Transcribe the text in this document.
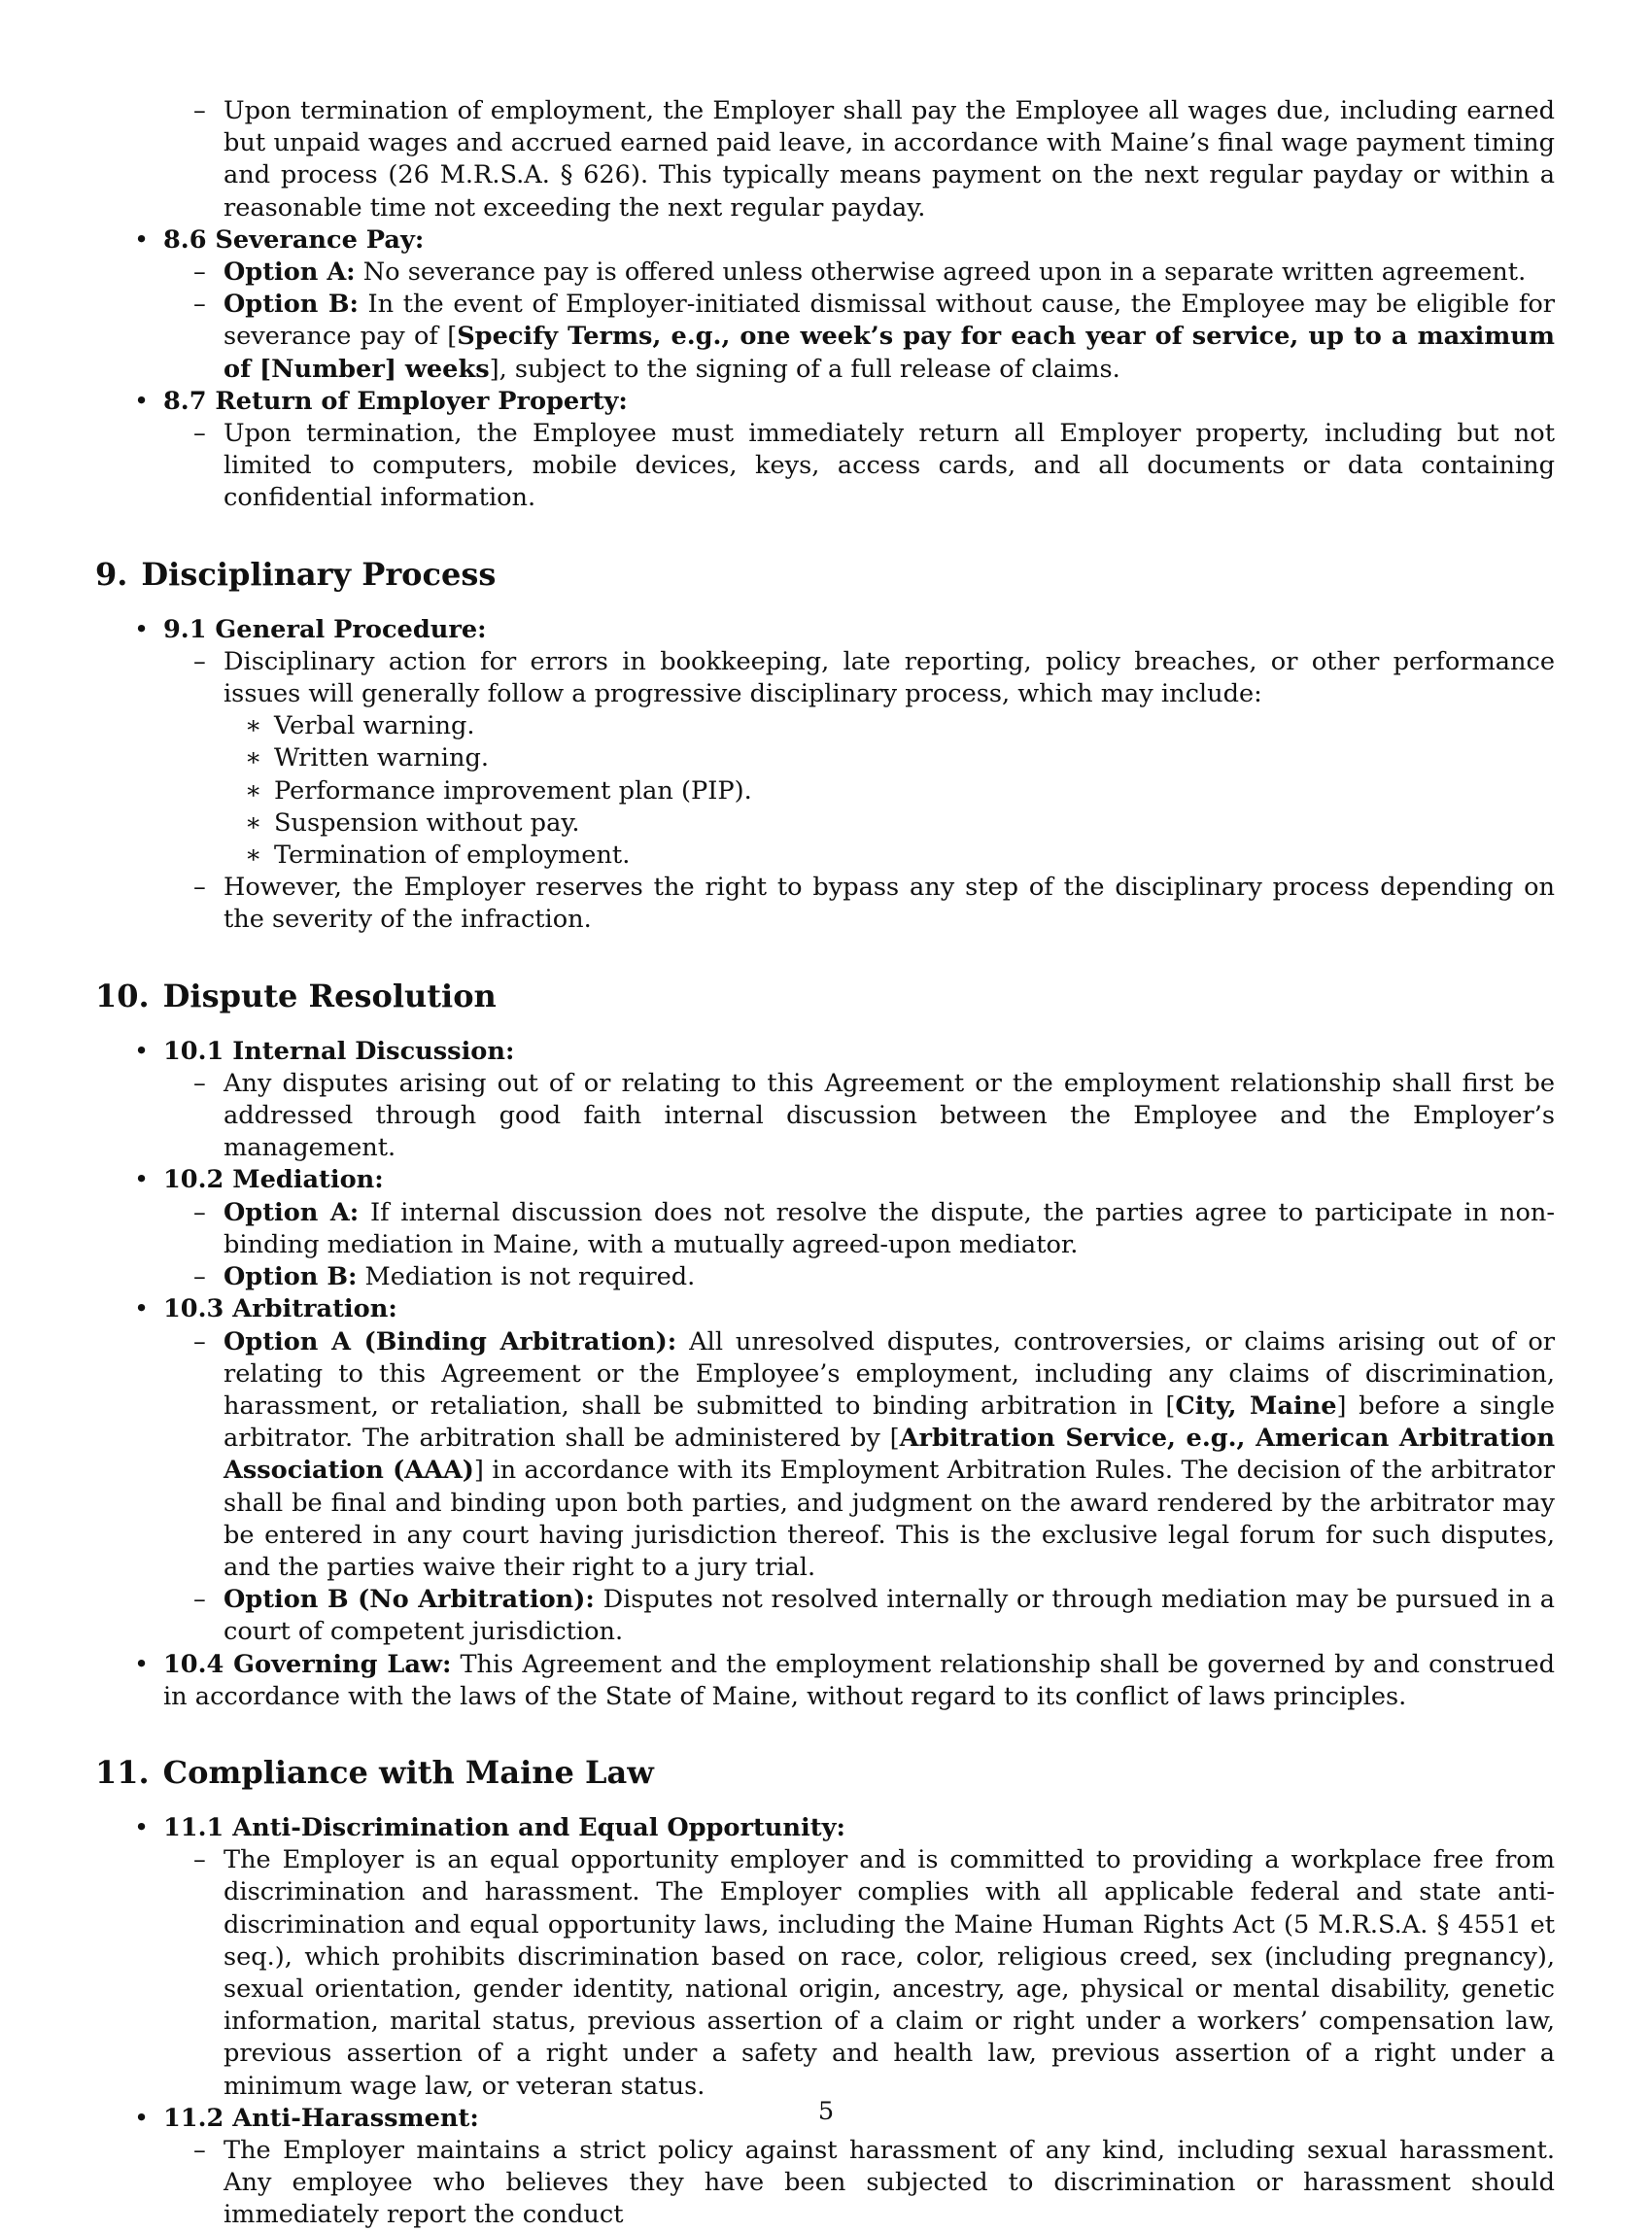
– Upon termination of employment, the Employer shall pay the Employee all wages due, including earned but unpaid wages and accrued earned paid leave, in accordance with Maine’s final wage payment timing and process (26 M.R.S.A. § 626). This typically means payment on the next regular payday or within a reasonable time not exceeding the next regular payday.
• 8.6 Severance Pay:
– Option A: No severance pay is offered unless otherwise agreed upon in a separate written agreement.
– Option B: In the event of Employer-initiated dismissal without cause, the Employee may be eligible for severance pay of [Specify Terms, e.g., one week’s pay for each year of service, up to a maximum of [Number] weeks], subject to the signing of a full release of claims.
• 8.7 Return of Employer Property:
– Upon termination, the Employee must immediately return all Employer property, including but not limited to computers, mobile devices, keys, access cards, and all documents or data containing confidential information.
9. Disciplinary Process
• 9.1 General Procedure:
– Disciplinary action for errors in bookkeeping, late reporting, policy breaches, or other performance issues will generally follow a progressive disciplinary process, which may include:
∗ Verbal warning.
∗ Written warning.
∗ Performance improvement plan (PIP).
∗ Suspension without pay.
∗ Termination of employment.
– However, the Employer reserves the right to bypass any step of the disciplinary process depending on the severity of the infraction.
10. Dispute Resolution
• 10.1 Internal Discussion:
– Any disputes arising out of or relating to this Agreement or the employment relationship shall first be addressed through good faith internal discussion between the Employee and the Employer’s management.
• 10.2 Mediation:
– Option A: If internal discussion does not resolve the dispute, the parties agree to participate in non-binding mediation in Maine, with a mutually agreed-upon mediator.
– Option B: Mediation is not required.
• 10.3 Arbitration:
– Option A (Binding Arbitration): All unresolved disputes, controversies, or claims arising out of or relating to this Agreement or the Employee’s employment, including any claims of discrimination, harassment, or retaliation, shall be submitted to binding arbitration in [City, Maine] before a single arbitrator. The arbitration shall be administered by [Arbitration Service, e.g., American Arbitration Association (AAA)] in accordance with its Employment Arbitration Rules. The decision of the arbitrator shall be final and binding upon both parties, and judgment on the award rendered by the arbitrator may be entered in any court having jurisdiction thereof. This is the exclusive legal forum for such disputes, and the parties waive their right to a jury trial.
– Option B (No Arbitration): Disputes not resolved internally or through mediation may be pursued in a court of competent jurisdiction.
• 10.4 Governing Law: This Agreement and the employment relationship shall be governed by and construed in accordance with the laws of the State of Maine, without regard to its conflict of laws principles.
11. Compliance with Maine Law
• 11.1 Anti-Discrimination and Equal Opportunity:
– The Employer is an equal opportunity employer and is committed to providing a workplace free from discrimination and harassment. The Employer complies with all applicable federal and state anti-discrimination and equal opportunity laws, including the Maine Human Rights Act (5 M.R.S.A. § 4551 et seq.), which prohibits discrimination based on race, color, religious creed, sex (including pregnancy), sexual orientation, gender identity, national origin, ancestry, age, physical or mental disability, genetic information, marital status, previous assertion of a claim or right under a workers’ compensation law, previous assertion of a right under a safety and health law, previous assertion of a right under a minimum wage law, or veteran status.
• 11.2 Anti-Harassment:
– The Employer maintains a strict policy against harassment of any kind, including sexual harassment. Any employee who believes they have been subjected to discrimination or harassment should immediately report the conduct
5
